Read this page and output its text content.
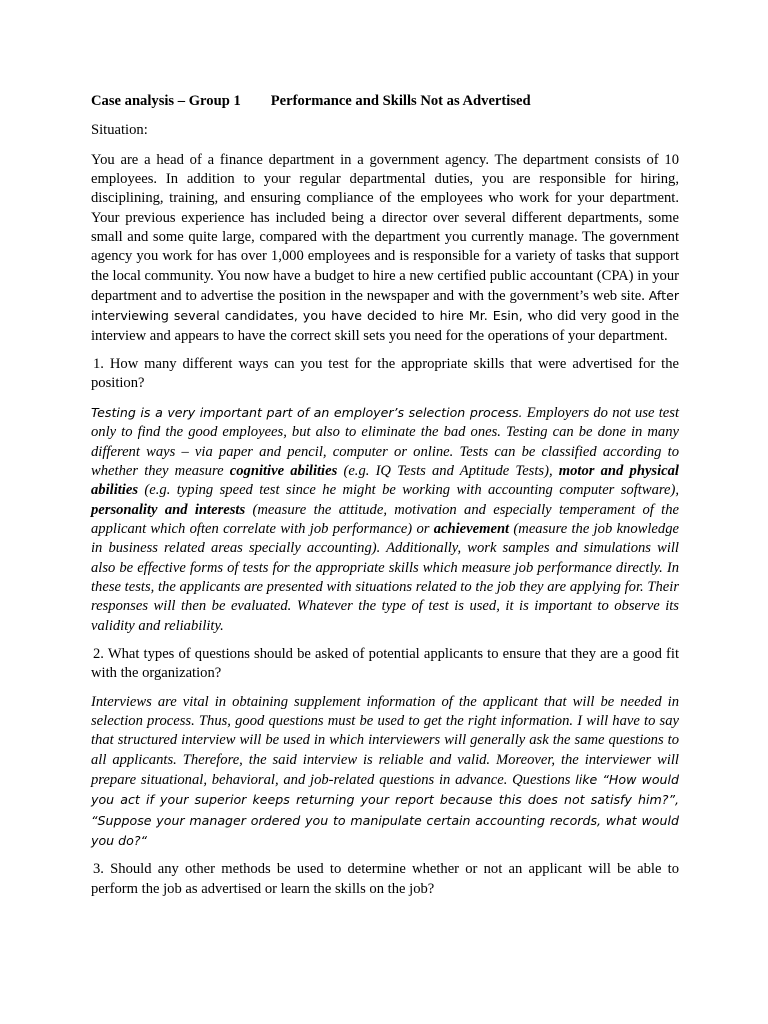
Case analysis – Group 1 Performance and Skills Not as Advertised

Situation:

You are a head of a finance department in a government agency. The department consists of 10 employees. In addition to your regular departmental duties, you are responsible for hiring, disciplining, training, and ensuring compliance of the employees who work for your department. Your previous experience has included being a director over several different departments, some small and some quite large, compared with the department you currently manage. The government agency you work for has over 1,000 employees and is responsible for a variety of tasks that support the local community. You now have a budget to hire a new certified public accountant (CPA) in your department and to advertise the position in the newspaper and with the government’s web site. After interviewing several candidates, you have decided to hire Mr. Esin, who did very good in the interview and appears to have the correct skill sets you need for the operations of your department.

1. How many different ways can you test for the appropriate skills that were advertised for the position?

Testing is a very important part of an employer’s selection process. Employers do not use test only to find the good employees, but also to eliminate the bad ones. Testing can be done in many different ways – via paper and pencil, computer or online. Tests can be classified according to whether they measure cognitive abilities (e.g. IQ Tests and Aptitude Tests), motor and physical abilities (e.g. typing speed test since he might be working with accounting computer software), personality and interests (measure the attitude, motivation and especially temperament of the applicant which often correlate with job performance) or achievement (measure the job knowledge in business related areas specially accounting). Additionally, work samples and simulations will also be effective forms of tests for the appropriate skills which measure job performance directly. In these tests, the applicants are presented with situations related to the job they are applying for. Their responses will then be evaluated. Whatever the type of test is used, it is important to observe its validity and reliability.

2. What types of questions should be asked of potential applicants to ensure that they are a good fit with the organization?

Interviews are vital in obtaining supplement information of the applicant that will be needed in selection process. Thus, good questions must be used to get the right information. I will have to say that structured interview will be used in which interviewers will generally ask the same questions to all applicants. Therefore, the said interview is reliable and valid. Moreover, the interviewer will prepare situational, behavioral, and job-related questions in advance. Questions like “How would you act if your superior keeps returning your report because this does not satisfy him?”, “Suppose your manager ordered you to manipulate certain accounting records, what would you do?“

3. Should any other methods be used to determine whether or not an applicant will be able to perform the job as advertised or learn the skills on the job?
